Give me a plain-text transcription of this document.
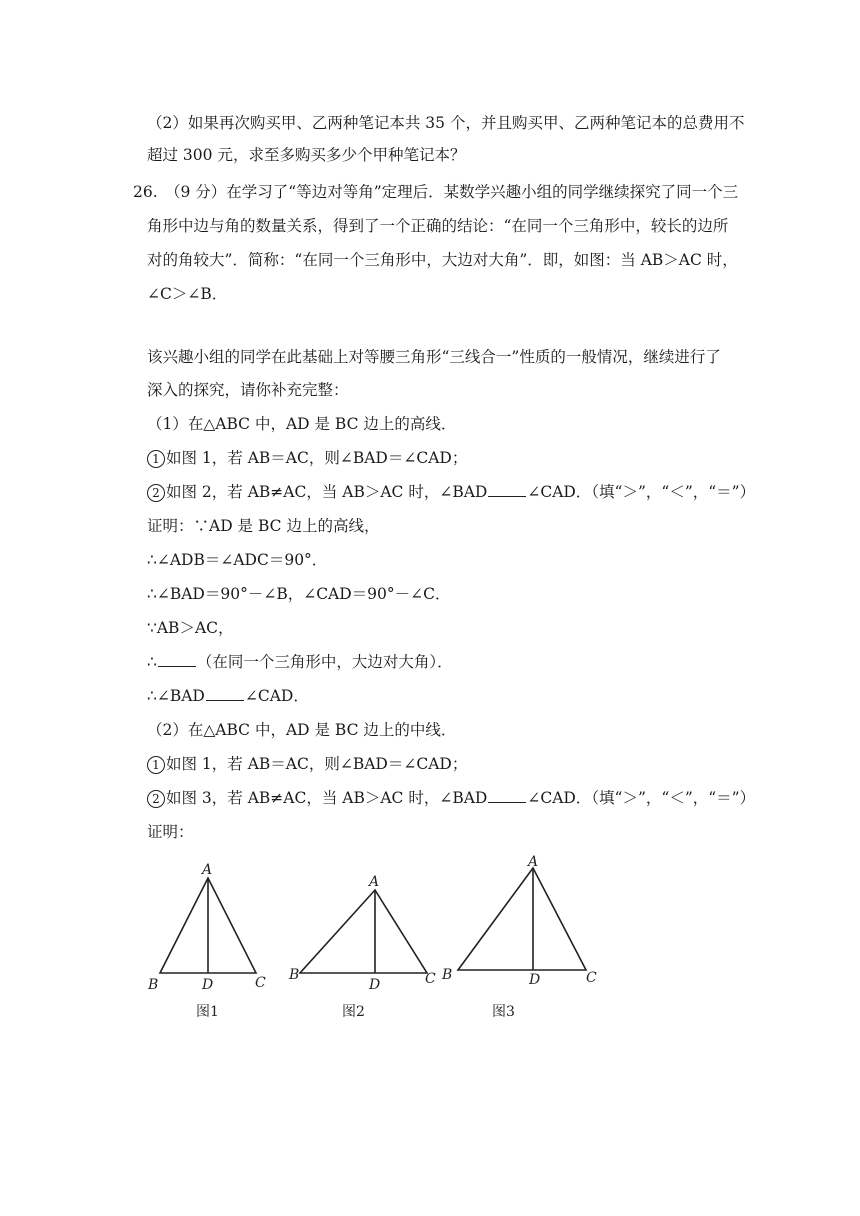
（2）如果再次购买甲、乙两种笔记本共 35 个，并且购买甲、乙两种笔记本的总费用不
超过 300 元，求至多购买多少个甲种笔记本？
26. （9 分）在学习了“等边对等角”定理后．某数学兴趣小组的同学继续探究了同一个三
角形中边与角的数量关系，得到了一个正确的结论：“在同一个三角形中，较长的边所
对的角较大”．简称：“在同一个三角形中，大边对大角”．即，如图：当 AB＞AC 时，
∠C＞∠B．
该兴趣小组的同学在此基础上对等腰三角形“三线合一”性质的一般情况，继续进行了
深入的探究，请你补充完整：
（1）在△ABC 中，AD 是 BC 边上的高线．
1 如图 1，若 AB＝AC，则∠BAD＝∠CAD；
2 如图 2，若 AB≠AC，当 AB＞AC 时，∠BAD	∠CAD．（填“＞”，“＜”，“＝”）
证明：∵AD 是 BC 边上的高线，
∴∠ADB＝∠ADC＝90°．
∴∠BAD＝90°－∠B，∠CAD＝90°－∠C．
∵AB＞AC，
∴	（在同一个三角形中，大边对大角）．
∴∠BAD	∠CAD．
（2）在△ABC 中，AD 是 BC 边上的中线．
1 如图 1，若 AB＝AC，则∠BAD＝∠CAD；
2 如图 3，若 AB≠AC，当 AB＞AC 时，∠BAD	∠CAD．（填“＞”，“＜”，“＝”）
证明：
A
B	D	C
A
B
D	C
A
B	D	C
图1	图2	图3
